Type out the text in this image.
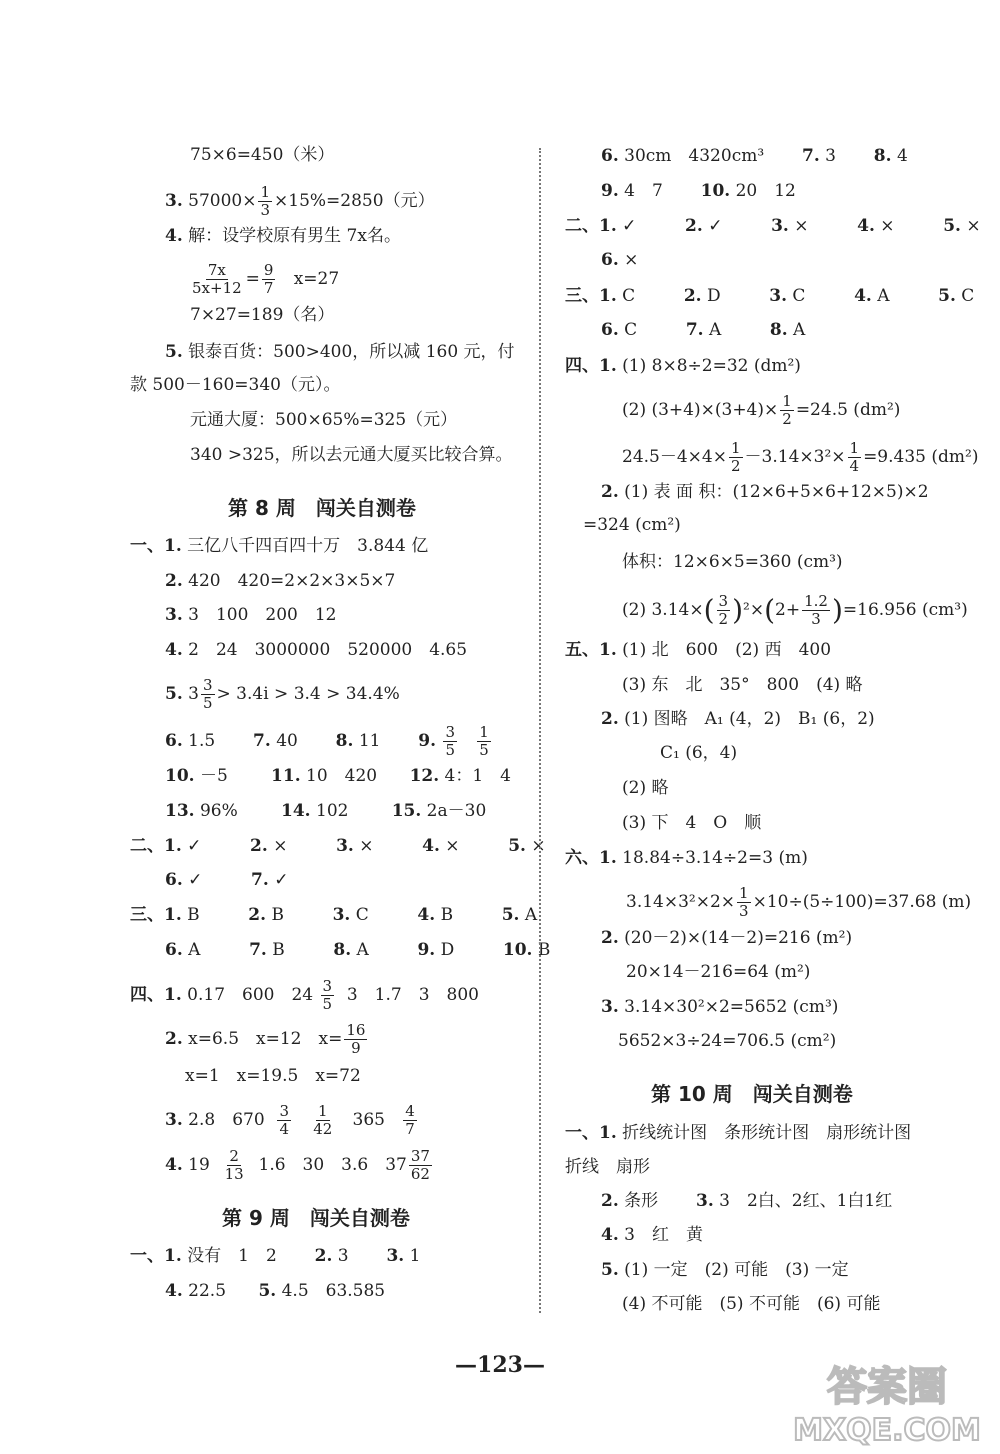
75×6=450（米）
3. $57000\times \frac{1}{3} \times 15\%=2850$（元）
4. 解：设学校原有男生 7x名。
$\frac{7x}{5x+12} = \frac{9}{7} x=27$
7×27=189（名）
5. 银泰百货：500>400，所以减 160 元，付
款 500－160=340（元）。
元通大厦：500×65%=325（元）
340 >325，所以去元通大厦买比较合算。
第 8 周　闯关自测卷
一、1. 三亿八千四百四十万　3.844 亿
2. 420　420=2×2×3×5×7
3. 3　100　200　12
4. 2　24　3000000　520000　4.65
5. $3 \frac{3}{5} > 3.4i > 3.4 > 34.4\%$
6. 1.5 7. 40 8. 11 9. $\frac{3}{5}$
$\frac{1}{5}$
10. －5	11. 10　420 12. 4：1　4
13. 96%	14. 102	15. 2a－30
二、1. ✓	2. ×	3. ×	4. ×	5. ×
6. ✓	7. ✓
三、1. B	2. B	3. C	4. B	5. A
6. A	7. B	8. A	9. D	10. B
四、1. 0.17　600　$24 \frac{3}{5} 3$　1.7　3　800
2. x=6.5　x=12　$x= \frac{16}{9}$
x=1　x=19.5　x=72
3. 2.8　$670 \frac{3}{4}$
$\frac{1}{42} 365 \frac{4}{7}$
4. $19 \frac{2}{13} 1.6$　30　3.6　$37 \frac{37}{62}$
第 9 周　闯关自测卷
一、1. 没有　1　2 2. 3 3. 1
4. 22.5 5. 4.5　63.585
6. 30cm　4320cm³ 7. 3 8. 4
9. 4　7 10. 20　12
二、1. ✓	2. ✓	3. ×	4. ×	5. ×
6. ×
三、1. C	2. D	3. C	4. A	5. C
6. C	7. A	8. A
四、1. (1) 8×8÷2=32 (dm²)
(2) $(3+4)\times(3+4)\times \frac{1}{2} =24.5$ (dm²)
$24.5-4\times 4\times \frac{1}{2} -3.14\times 3^2\times \frac{1}{4} =9.435$ (dm²)
2. (1) 表 面 积：(12×6+5×6+12×5)×2
=324 (cm²)
体积：12×6×5=360 (cm³)
(2) $3.14\times( \frac{3}{2} )^2\times(2+ \frac{1.2}{3} )=16.956$ (cm³)
五、1. (1) 北　600　(2) 西　400
(3) 东　北　35°　800　(4) 略
2. (1) 图略　A₁ (4，2)　B₁ (6，2)
C₁ (6，4)
(2) 略
(3) 下　4　O　顺
六、1. 18.84÷3.14÷2=3 (m)
$3.14\times 3^2\times 2\times \frac{1}{3} \times 10\div(5\div 100)=37.68$ (m)
2. (20－2)×(14－2)=216 (m²)
20×14－216=64 (m²)
3. 3.14×30²×2=5652 (cm³)
5652×3÷24=706.5 (cm²)
第 10 周　闯关自测卷
一、1. 折线统计图　条形统计图　扇形统计图
折线　扇形
2. 条形 3. 3　2白、2红、1白1红
4. 3　红　黄
5. (1) 一定　(2) 可能　(3) 一定
(4) 不可能　(5) 不可能　(6) 可能
—123—	答案圈
MXQE.COM
